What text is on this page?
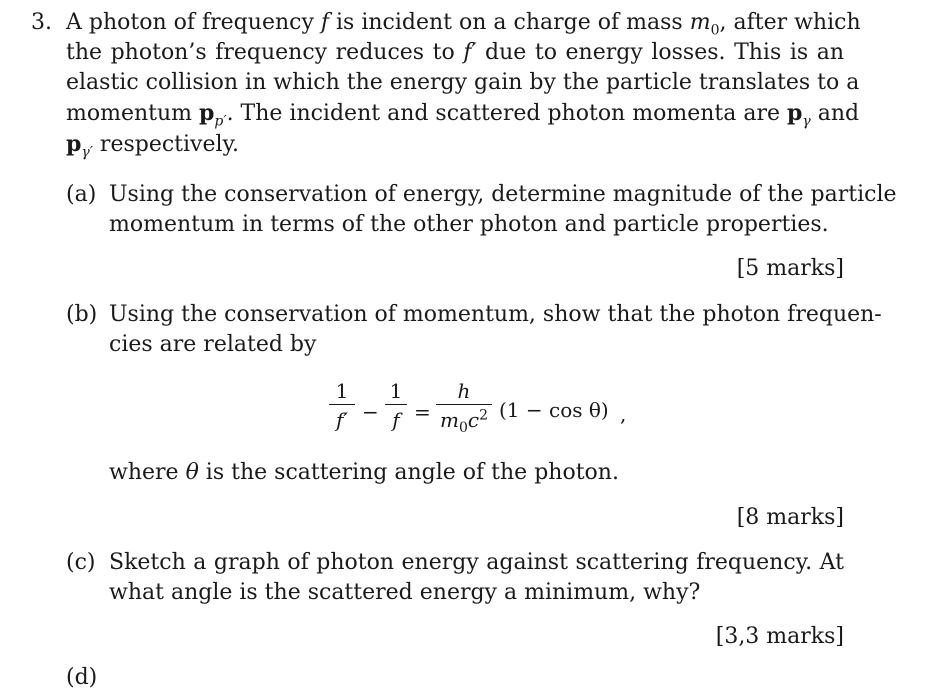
3. A photon of frequency f is incident on a charge of mass $m_0$, after which
the photon’s frequency reduces to f′ due to energy losses. This is an
elastic collision in which the energy gain by the particle translates to a
momentum $p_{p'}$. The incident and scattered photon momenta are $p_\gamma$ and
$p_{\gamma'}$ respectively.
(a) Using the conservation of energy, determine magnitude of the particle
momentum in terms of the other photon and particle properties.
[5 marks]
(b) Using the conservation of momentum, show that the photon frequen-
cies are related by
1
f′ −
1
f =
h
$m_0c^2$ (1 − cos θ) ,
where θ is the scattering angle of the photon.
[8 marks]
(c) Sketch a graph of photon energy against scattering frequency. At
what angle is the scattered energy a minimum, why?
[3,3 marks]
(d)
